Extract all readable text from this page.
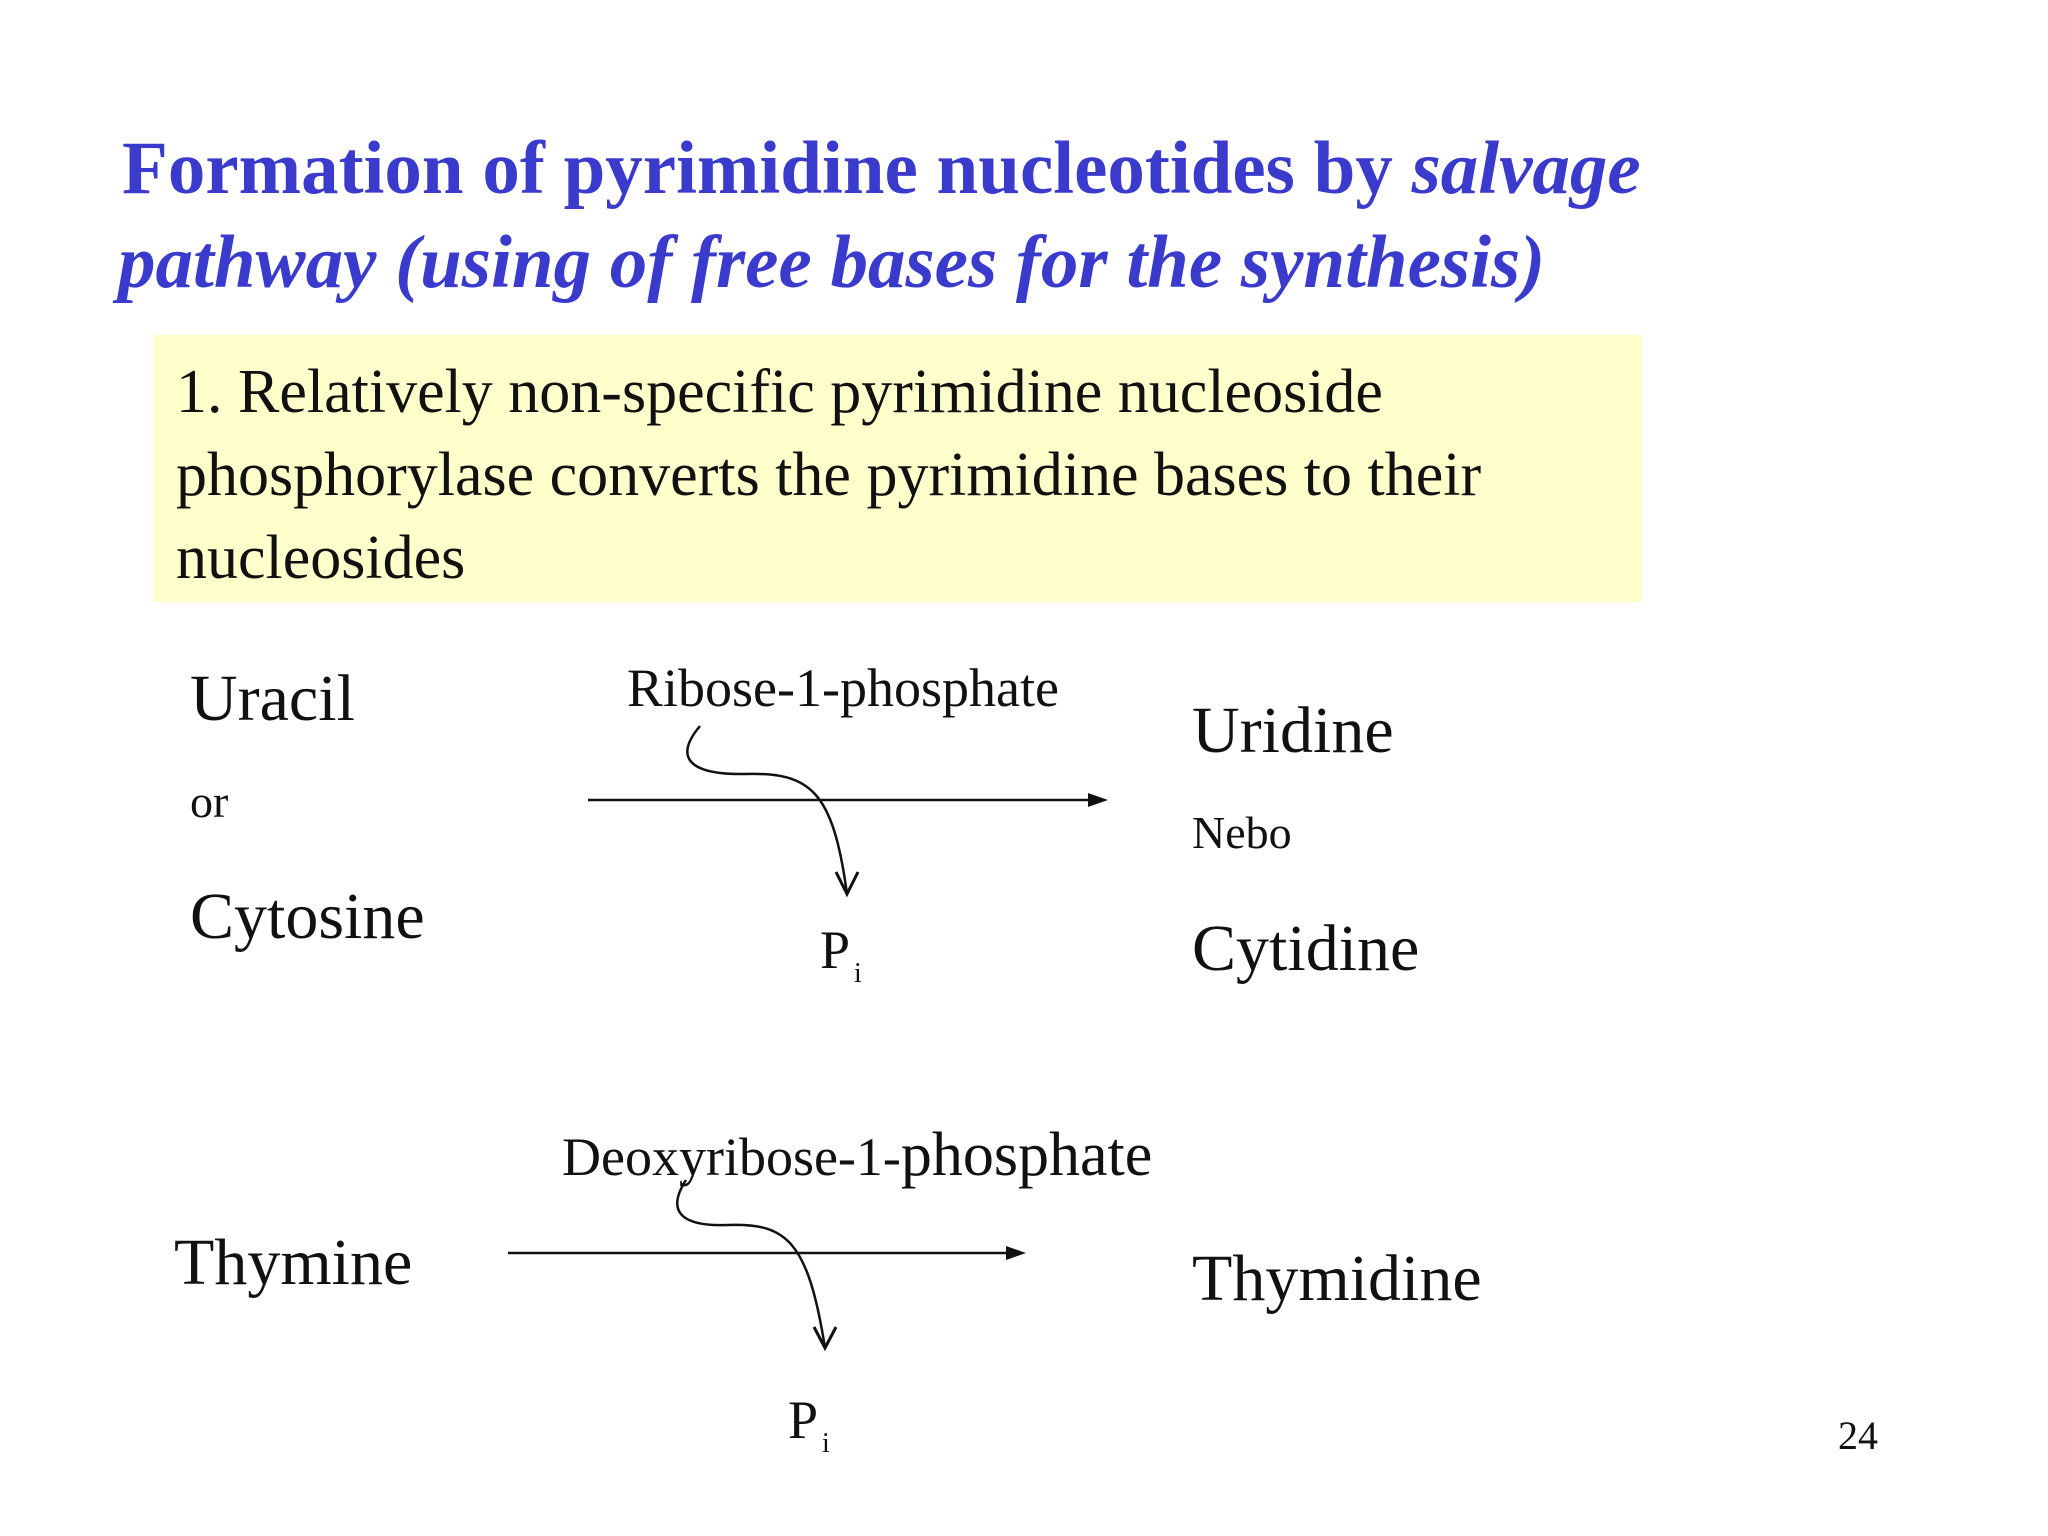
Formation of pyrimidine nucleotides by salvage
pathway (using of free bases for the synthesis)
1. Relatively non-specific pyrimidine nucleoside
phosphorylase converts the pyrimidine bases to their
nucleosides
Uracil
or
Cytosine
Ribose-1-phosphate
P $_i$
Uridine
Nebo
Cytidine
Thymine
Deoxyribose-1-phosphate
P $_i$
Thymidine
24
